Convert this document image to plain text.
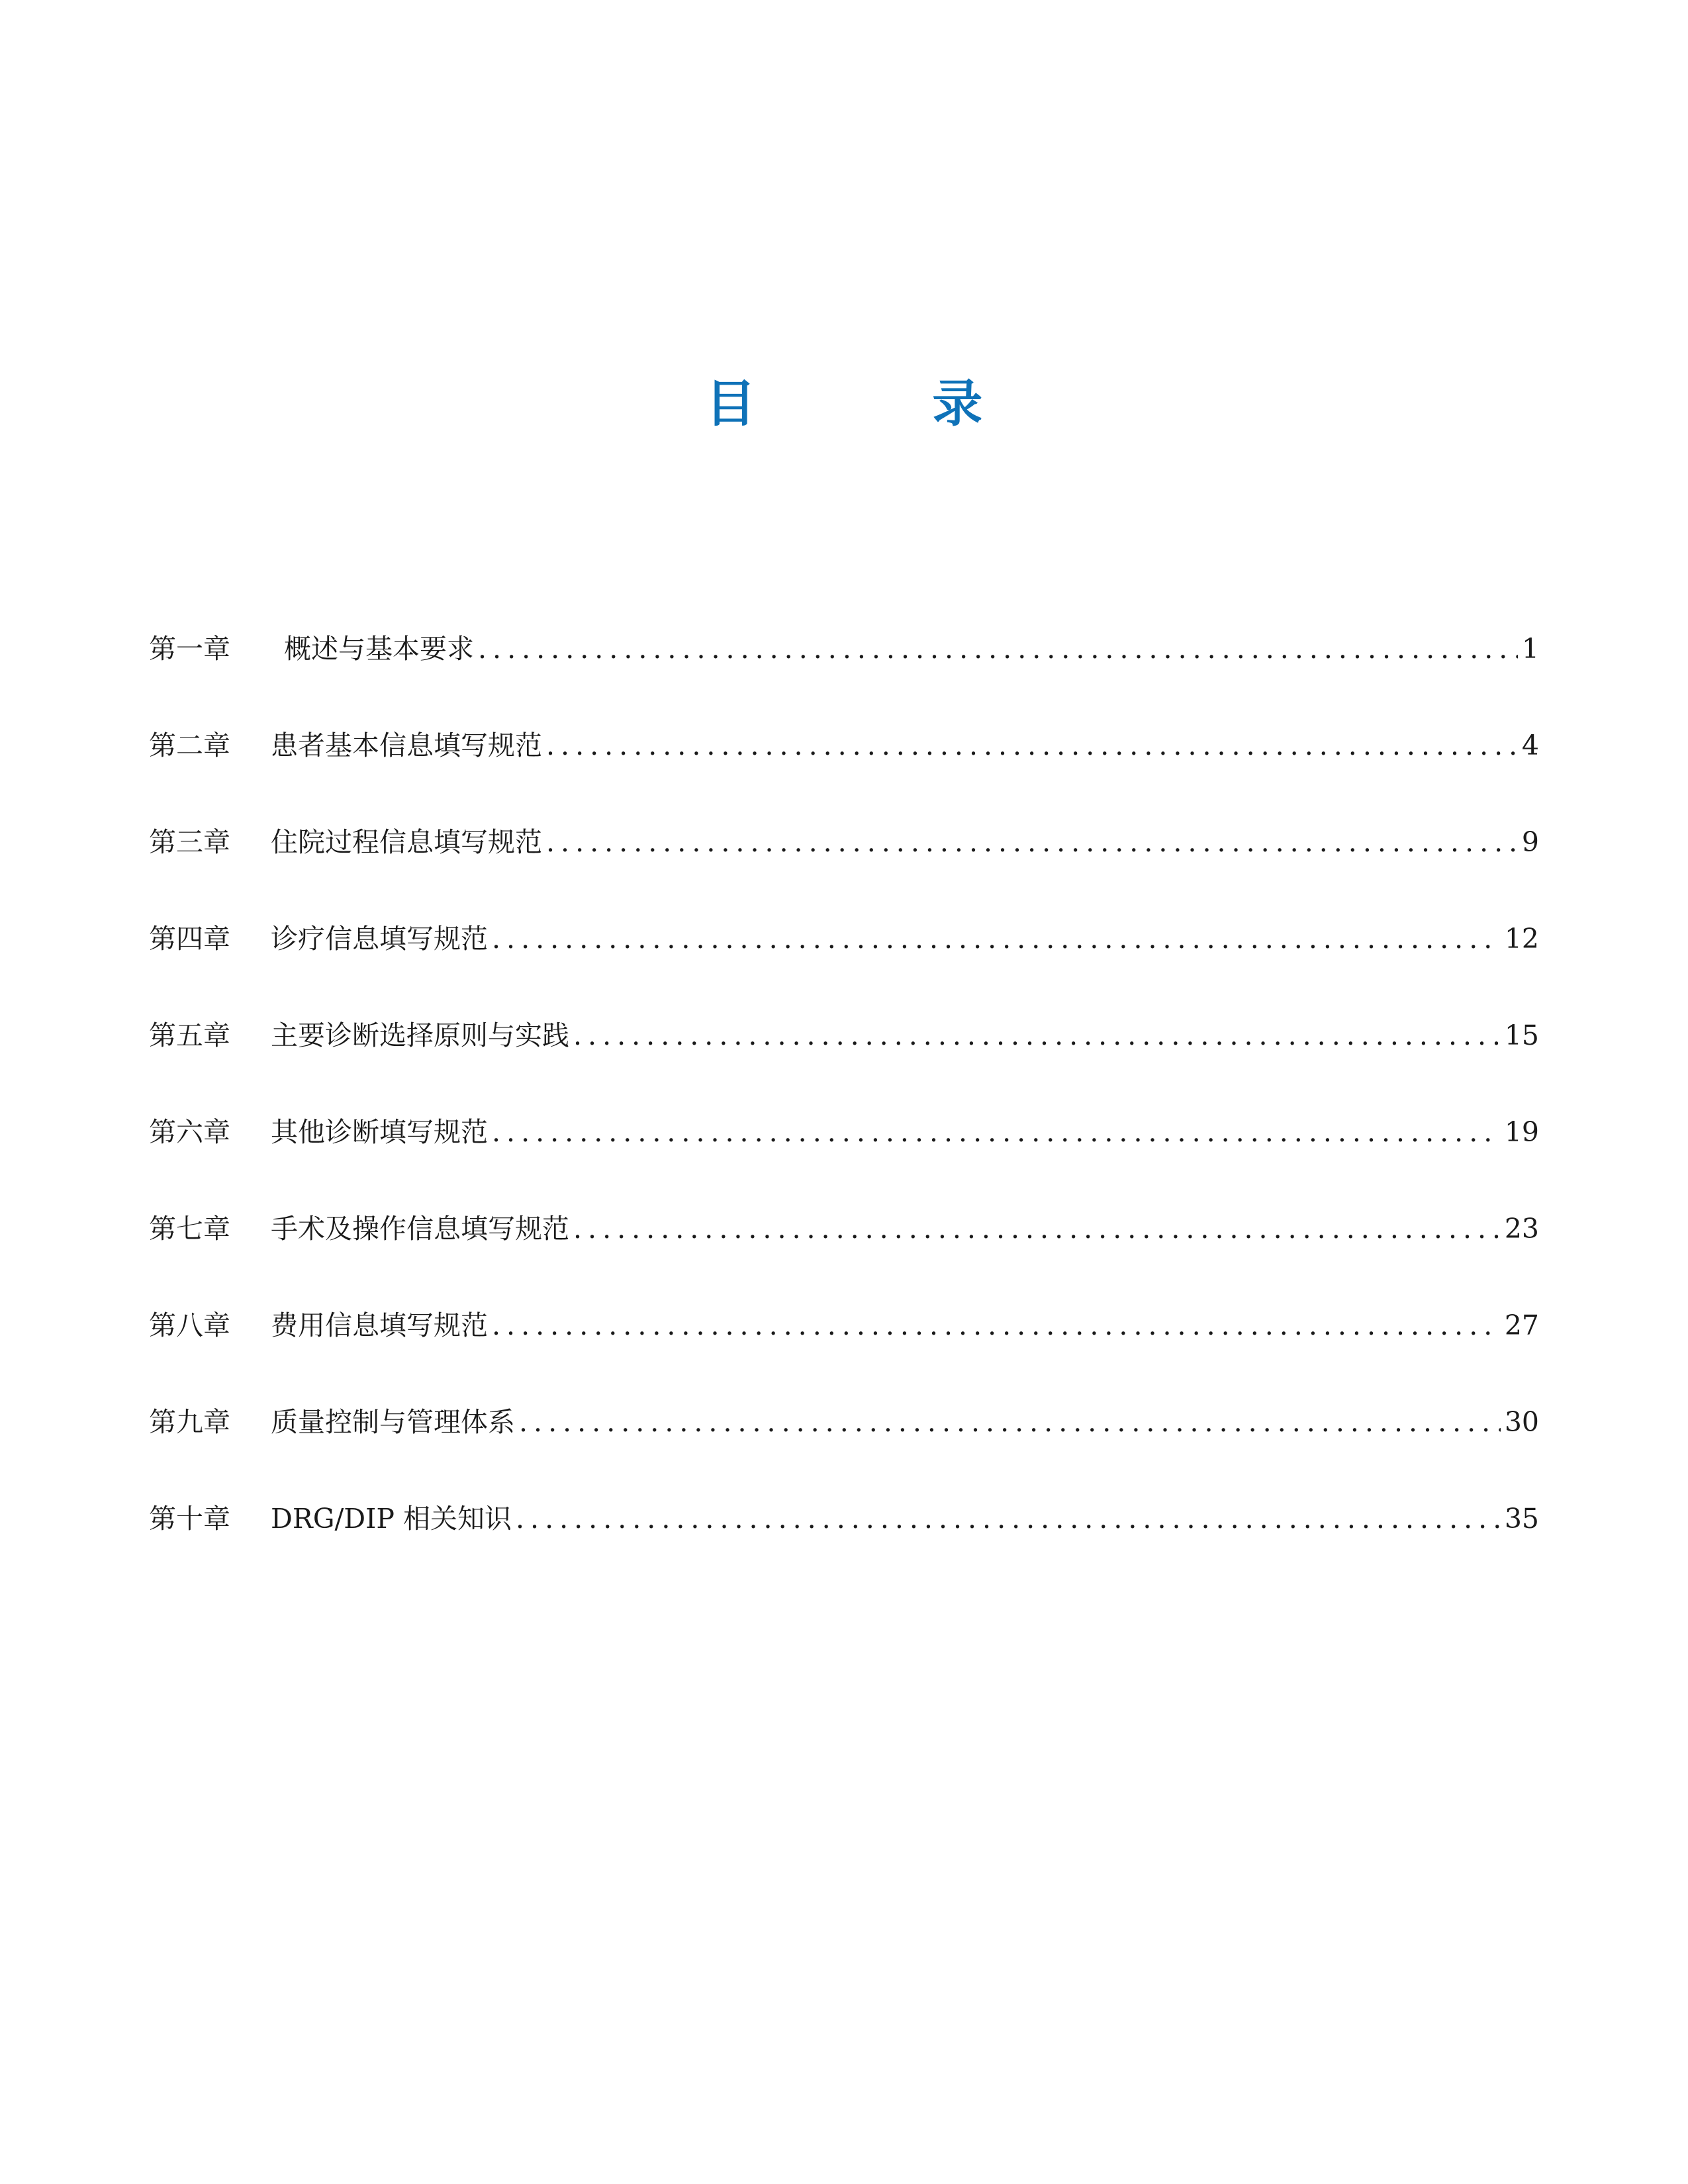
目 录
第一章	概述与基本要求 .....	1
第二章	患者基本信息填写规范 .....	4
第三章	住院过程信息填写规范 .....	9
第四章	诊疗信息填写规范 .....	12
第五章	主要诊断选择原则与实践 .....	15
第六章	其他诊断填写规范 .....	19
第七章	手术及操作信息填写规范 .....	23
第八章	费用信息填写规范 .....	27
第九章	质量控制与管理体系 .....	30
第十章	DRG/DIP 相关知识 .....	35
